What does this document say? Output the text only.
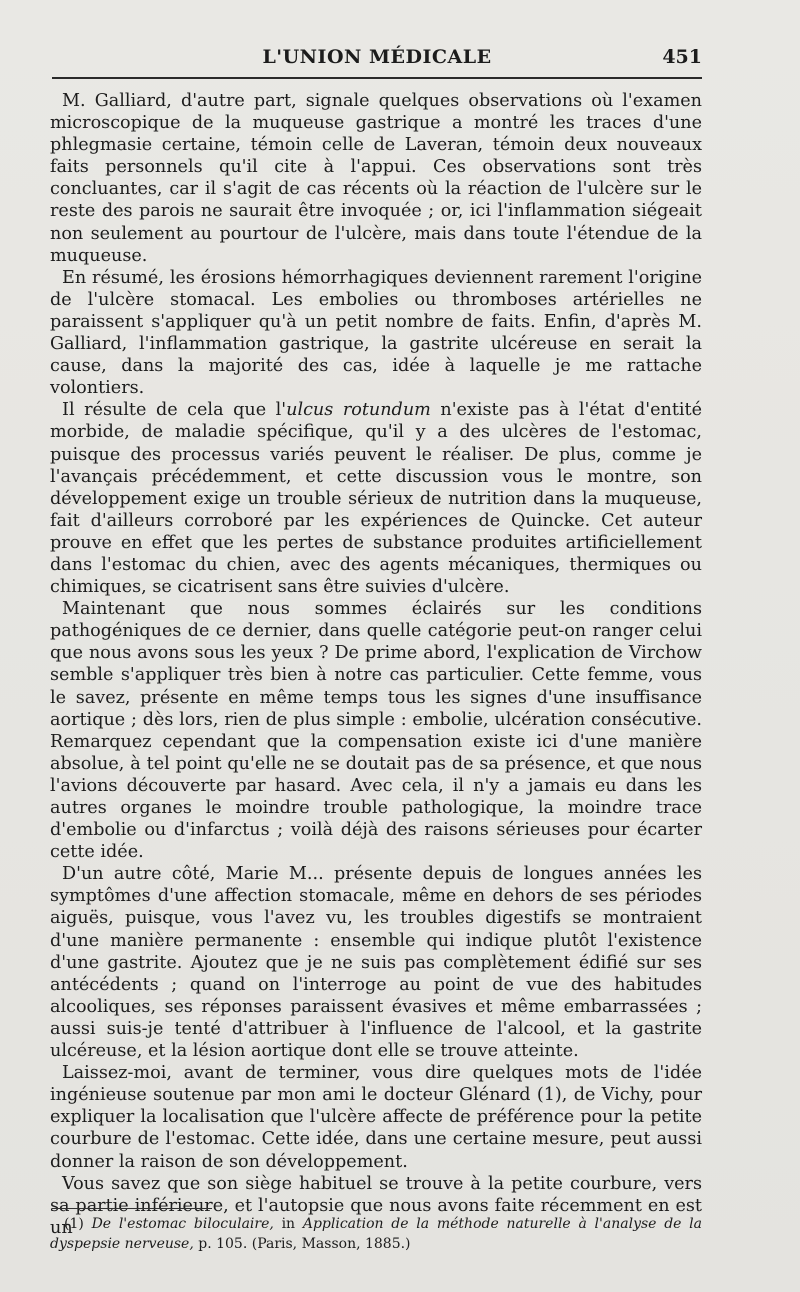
L'UNION MÉDICALE	451

M. Galliard, d'autre part, signale quelques observations où l'examen microscopique de la muqueuse gastrique a montré les traces d'une phlegmasie certaine, témoin celle de Laveran, témoin deux nouveaux faits personnels qu'il cite à l'appui. Ces observations sont très concluantes, car il s'agit de cas récents où la réaction de l'ulcère sur le reste des parois ne saurait être invoquée ; or, ici l'inflammation siégeait non seulement au pourtour de l'ulcère, mais dans toute l'étendue de la muqueuse.

En résumé, les érosions hémorrhagiques deviennent rarement l'origine de l'ulcère stomacal. Les embolies ou thromboses artérielles ne paraissent s'appliquer qu'à un petit nombre de faits. Enfin, d'après M. Galliard, l'inflammation gastrique, la gastrite ulcéreuse en serait la cause, dans la majorité des cas, idée à laquelle je me rattache volontiers.

Il résulte de cela que l'ulcus rotundum n'existe pas à l'état d'entité morbide, de maladie spécifique, qu'il y a des ulcères de l'estomac, puisque des processus variés peuvent le réaliser. De plus, comme je l'avançais précédemment, et cette discussion vous le montre, son développement exige un trouble sérieux de nutrition dans la muqueuse, fait d'ailleurs corroboré par les expériences de Quincke. Cet auteur prouve en effet que les pertes de substance produites artificiellement dans l'estomac du chien, avec des agents mécaniques, thermiques ou chimiques, se cicatrisent sans être suivies d'ulcère.

Maintenant que nous sommes éclairés sur les conditions pathogéniques de ce dernier, dans quelle catégorie peut-on ranger celui que nous avons sous les yeux ? De prime abord, l'explication de Virchow semble s'appliquer très bien à notre cas particulier. Cette femme, vous le savez, présente en même temps tous les signes d'une insuffisance aortique ; dès lors, rien de plus simple : embolie, ulcération consécutive. Remarquez cependant que la compensation existe ici d'une manière absolue, à tel point qu'elle ne se doutait pas de sa présence, et que nous l'avions découverte par hasard. Avec cela, il n'y a jamais eu dans les autres organes le moindre trouble pathologique, la moindre trace d'embolie ou d'infarctus ; voilà déjà des raisons sérieuses pour écarter cette idée.

D'un autre côté, Marie M... présente depuis de longues années les symptômes d'une affection stomacale, même en dehors de ses périodes aiguës, puisque, vous l'avez vu, les troubles digestifs se montraient d'une manière permanente : ensemble qui indique plutôt l'existence d'une gastrite. Ajoutez que je ne suis pas complètement édifié sur ses antécédents ; quand on l'interroge au point de vue des habitudes alcooliques, ses réponses paraissent évasives et même embarrassées ; aussi suis-je tenté d'attribuer à l'influence de l'alcool, et la gastrite ulcéreuse, et la lésion aortique dont elle se trouve atteinte.

Laissez-moi, avant de terminer, vous dire quelques mots de l'idée ingénieuse soutenue par mon ami le docteur Glénard (1), de Vichy, pour expliquer la localisation que l'ulcère affecte de préférence pour la petite courbure de l'estomac. Cette idée, dans une certaine mesure, peut aussi donner la raison de son développement.

Vous savez que son siège habituel se trouve à la petite courbure, vers sa partie inférieure, et l'autopsie que nous avons faite récemment en est un

(1) De l'estomac biloculaire, in Application de la méthode naturelle à l'analyse de la dyspepsie nerveuse, p. 105. (Paris, Masson, 1885.)
